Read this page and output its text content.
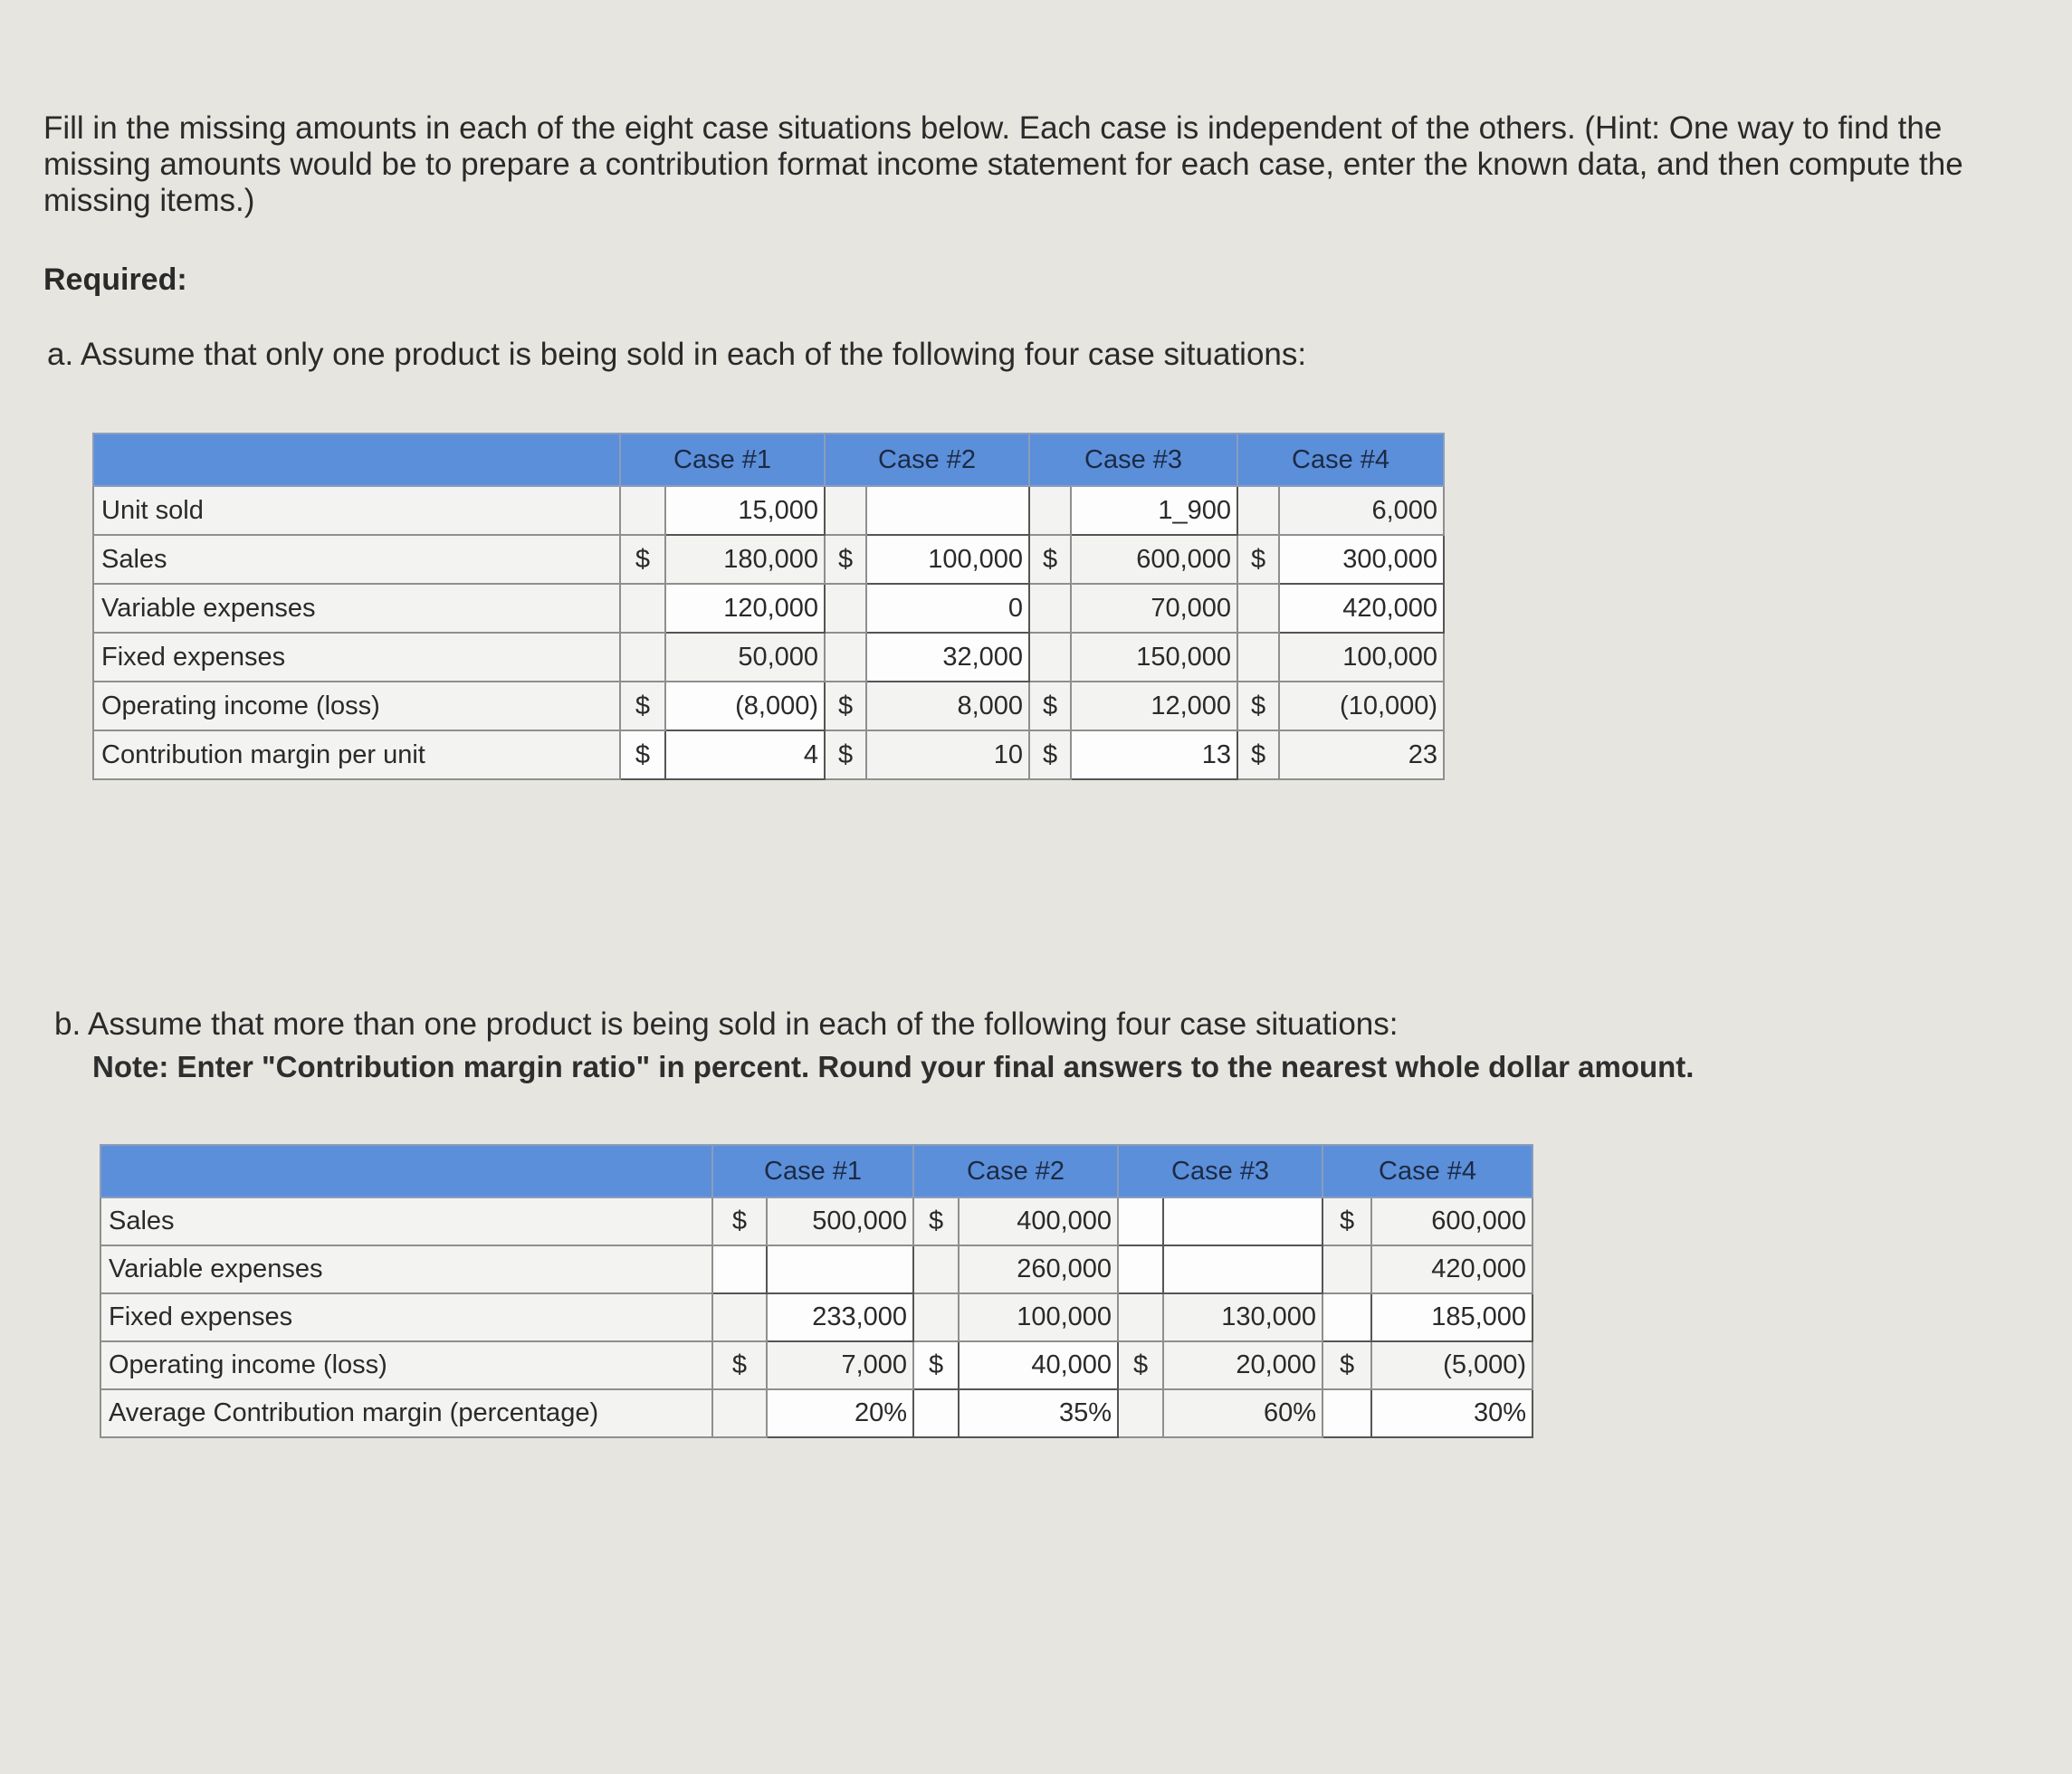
Fill in the missing amounts in each of the eight case situations below. Each case is independent of the others. (Hint: One way to find the missing amounts would be to prepare a contribution format income statement for each case, enter the known data, and then compute the missing items.)

Required:
a. Assume that only one product is being sold in each of the following four case situations:
	Case #1		Case #2		Case #3		Case #4	
Unit sold		15,000				1_900		6,000
Sales	$	180,000	$	100,000	$	600,000	$	300,000
Variable expenses		120,000		0		70,000		420,000
Fixed expenses		50,000		32,000		150,000		100,000
Operating income (loss)	$	(8,000)	$	8,000	$	12,000	$	(10,000)
Contribution margin per unit	$	4	$	10	$	13	$	23
b. Assume that more than one product is being sold in each of the following four case situations:
Note: Enter "Contribution margin ratio" in percent. Round your final answers to the nearest whole dollar amount.
	Case #1		Case #2		Case #3		Case #4	
Sales	$	500,000	$	400,000			$	600,000
Variable expenses				260,000				420,000
Fixed expenses		233,000		100,000		130,000		185,000
Operating income (loss)	$	7,000	$	40,000	$	20,000	$	(5,000)
Average Contribution margin (percentage)		20%		35%		60%		30%
